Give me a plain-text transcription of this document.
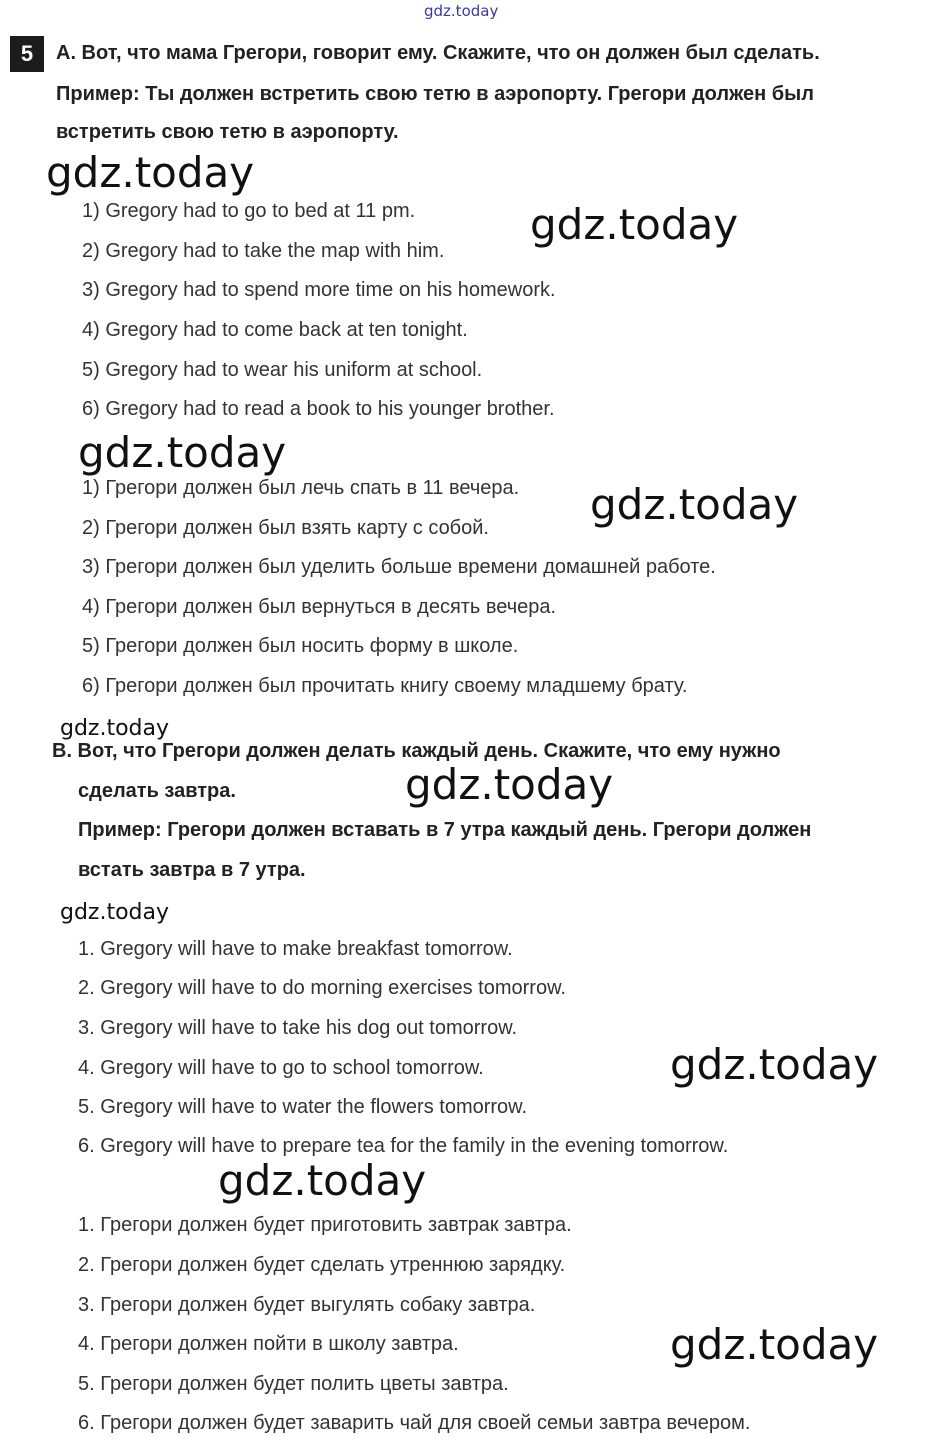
gdz.today
5	А. Вот, что мама Грегори, говорит ему. Скажите, что он должен был сделать.
Пример: Ты должен встретить свою тетю в аэропорту. Грегори должен был
встретить свою тетю в аэропорту.
1) Gregory had to go to bed at 11 pm.
2) Gregory had to take the map with him.
3) Gregory had to spend more time on his homework.
4) Gregory had to come back at ten tonight.
5) Gregory had to wear his uniform at school.
6) Gregory had to read a book to his younger brother.
1) Грегори должен был лечь спать в 11 вечера.
2) Грегори должен был взять карту с собой.
3) Грегори должен был уделить больше времени домашней работе.
4) Грегори должен был вернуться в десять вечера.
5) Грегори должен был носить форму в школе.
6) Грегори должен был прочитать книгу своему младшему брату.
В. Вот, что Грегори должен делать каждый день. Скажите, что ему нужно
сделать завтра.
Пример: Грегори должен вставать в 7 утра каждый день. Грегори должен
встать завтра в 7 утра.
1. Gregory will have to make breakfast tomorrow.
2. Gregory will have to do morning exercises tomorrow.
3. Gregory will have to take his dog out tomorrow.
4. Gregory will have to go to school tomorrow.
5. Gregory will have to water the flowers tomorrow.
6. Gregory will have to prepare tea for the family in the evening tomorrow.
1. Грегори должен будет приготовить завтрак завтра.
2. Грегори должен будет сделать утреннюю зарядку.
3. Грегори должен будет выгулять собаку завтра.
4. Грегори должен пойти в школу завтра.
5. Грегори должен будет полить цветы завтра.
6. Грегори должен будет заварить чай для своей семьи завтра вечером.
gdz.today
gdz.today
gdz.today
gdz.today
gdz.today
gdz.today
gdz.today
gdz.today
gdz.today
gdz.today
